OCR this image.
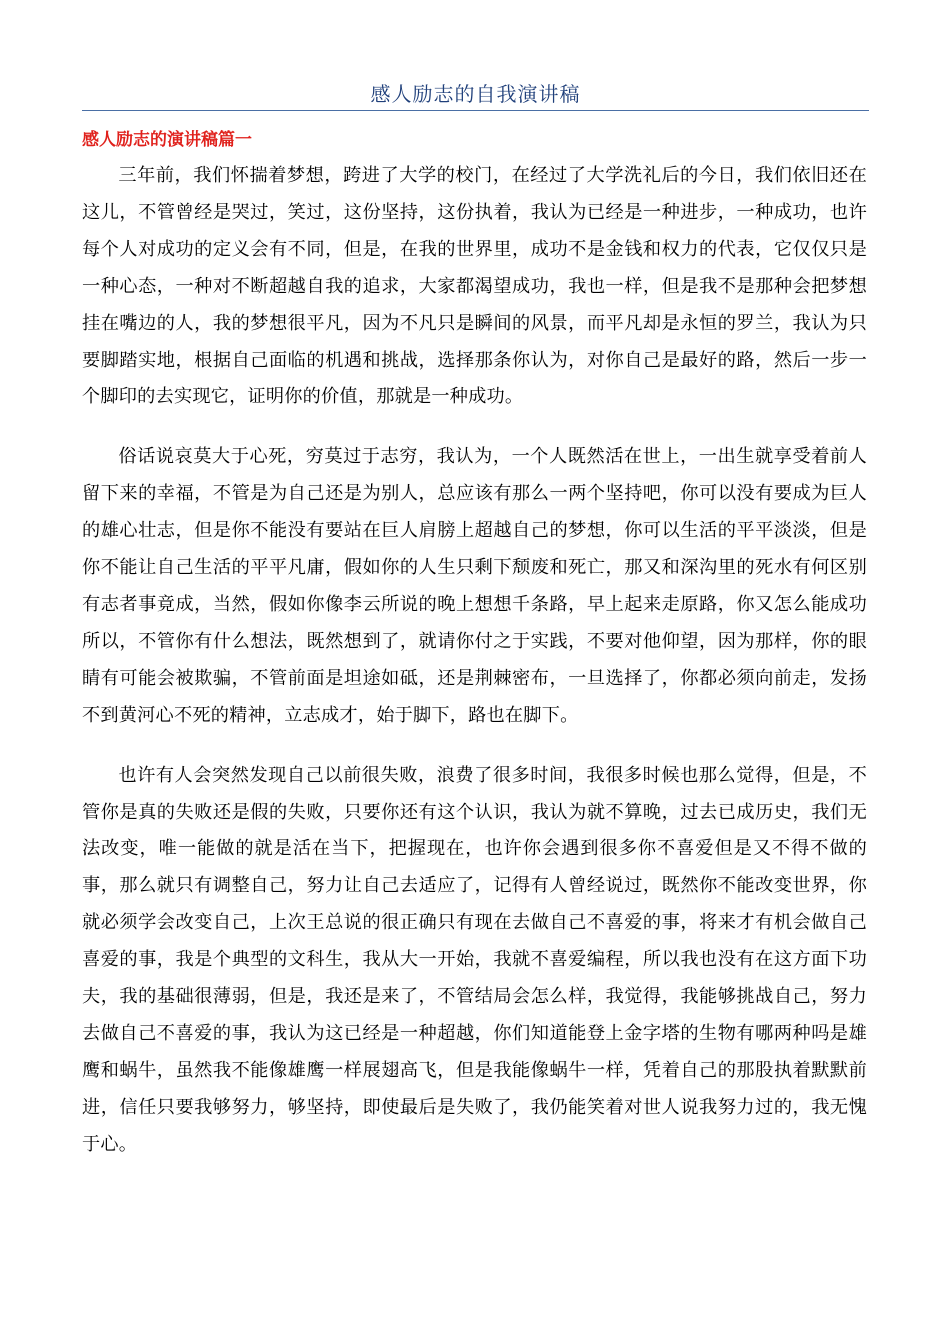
感人励志的自我演讲稿
感人励志的演讲稿篇一

三年前，我们怀揣着梦想，跨进了大学的校门，在经过了大学洗礼后的今日，我们依旧还在这儿，不管曾经是哭过，笑过，这份坚持，这份执着，我认为已经是一种进步，一种成功，也许每个人对成功的定义会有不同，但是，在我的世界里，成功不是金钱和权力的代表，它仅仅只是一种心态，一种对不断超越自我的追求，大家都渴望成功，我也一样，但是我不是那种会把梦想挂在嘴边的人，我的梦想很平凡，因为不凡只是瞬间的风景，而平凡却是永恒的罗兰，我认为只要脚踏实地，根据自己面临的机遇和挑战，选择那条你认为，对你自己是最好的路，然后一步一个脚印的去实现它，证明你的价值，那就是一种成功。

俗话说哀莫大于心死，穷莫过于志穷，我认为，一个人既然活在世上，一出生就享受着前人留下来的幸福，不管是为自己还是为别人，总应该有那么一两个坚持吧，你可以没有要成为巨人的雄心壮志，但是你不能没有要站在巨人肩膀上超越自己的梦想，你可以生活的平平淡淡，但是你不能让自己生活的平平凡庸，假如你的人生只剩下颓废和死亡，那又和深沟里的死水有何区别有志者事竟成，当然，假如你像李云所说的晚上想想千条路，早上起来走原路，你又怎么能成功所以，不管你有什么想法，既然想到了，就请你付之于实践，不要对他仰望，因为那样，你的眼睛有可能会被欺骗，不管前面是坦途如砥，还是荆棘密布，一旦选择了，你都必须向前走，发扬不到黄河心不死的精神，立志成才，始于脚下，路也在脚下。

也许有人会突然发现自己以前很失败，浪费了很多时间，我很多时候也那么觉得，但是，不管你是真的失败还是假的失败，只要你还有这个认识，我认为就不算晚，过去已成历史，我们无法改变，唯一能做的就是活在当下，把握现在，也许你会遇到很多你不喜爱但是又不得不做的事，那么就只有调整自己，努力让自己去适应了，记得有人曾经说过，既然你不能改变世界，你就必须学会改变自己，上次王总说的很正确只有现在去做自己不喜爱的事，将来才有机会做自己喜爱的事，我是个典型的文科生，我从大一开始，我就不喜爱编程，所以我也没有在这方面下功夫，我的基础很薄弱，但是，我还是来了，不管结局会怎么样，我觉得，我能够挑战自己，努力去做自己不喜爱的事，我认为这已经是一种超越，你们知道能登上金字塔的生物有哪两种吗是雄鹰和蜗牛，虽然我不能像雄鹰一样展翅高飞，但是我能像蜗牛一样，凭着自己的那股执着默默前进，信任只要我够努力，够坚持，即使最后是失败了，我仍能笑着对世人说我努力过的，我无愧于心。
